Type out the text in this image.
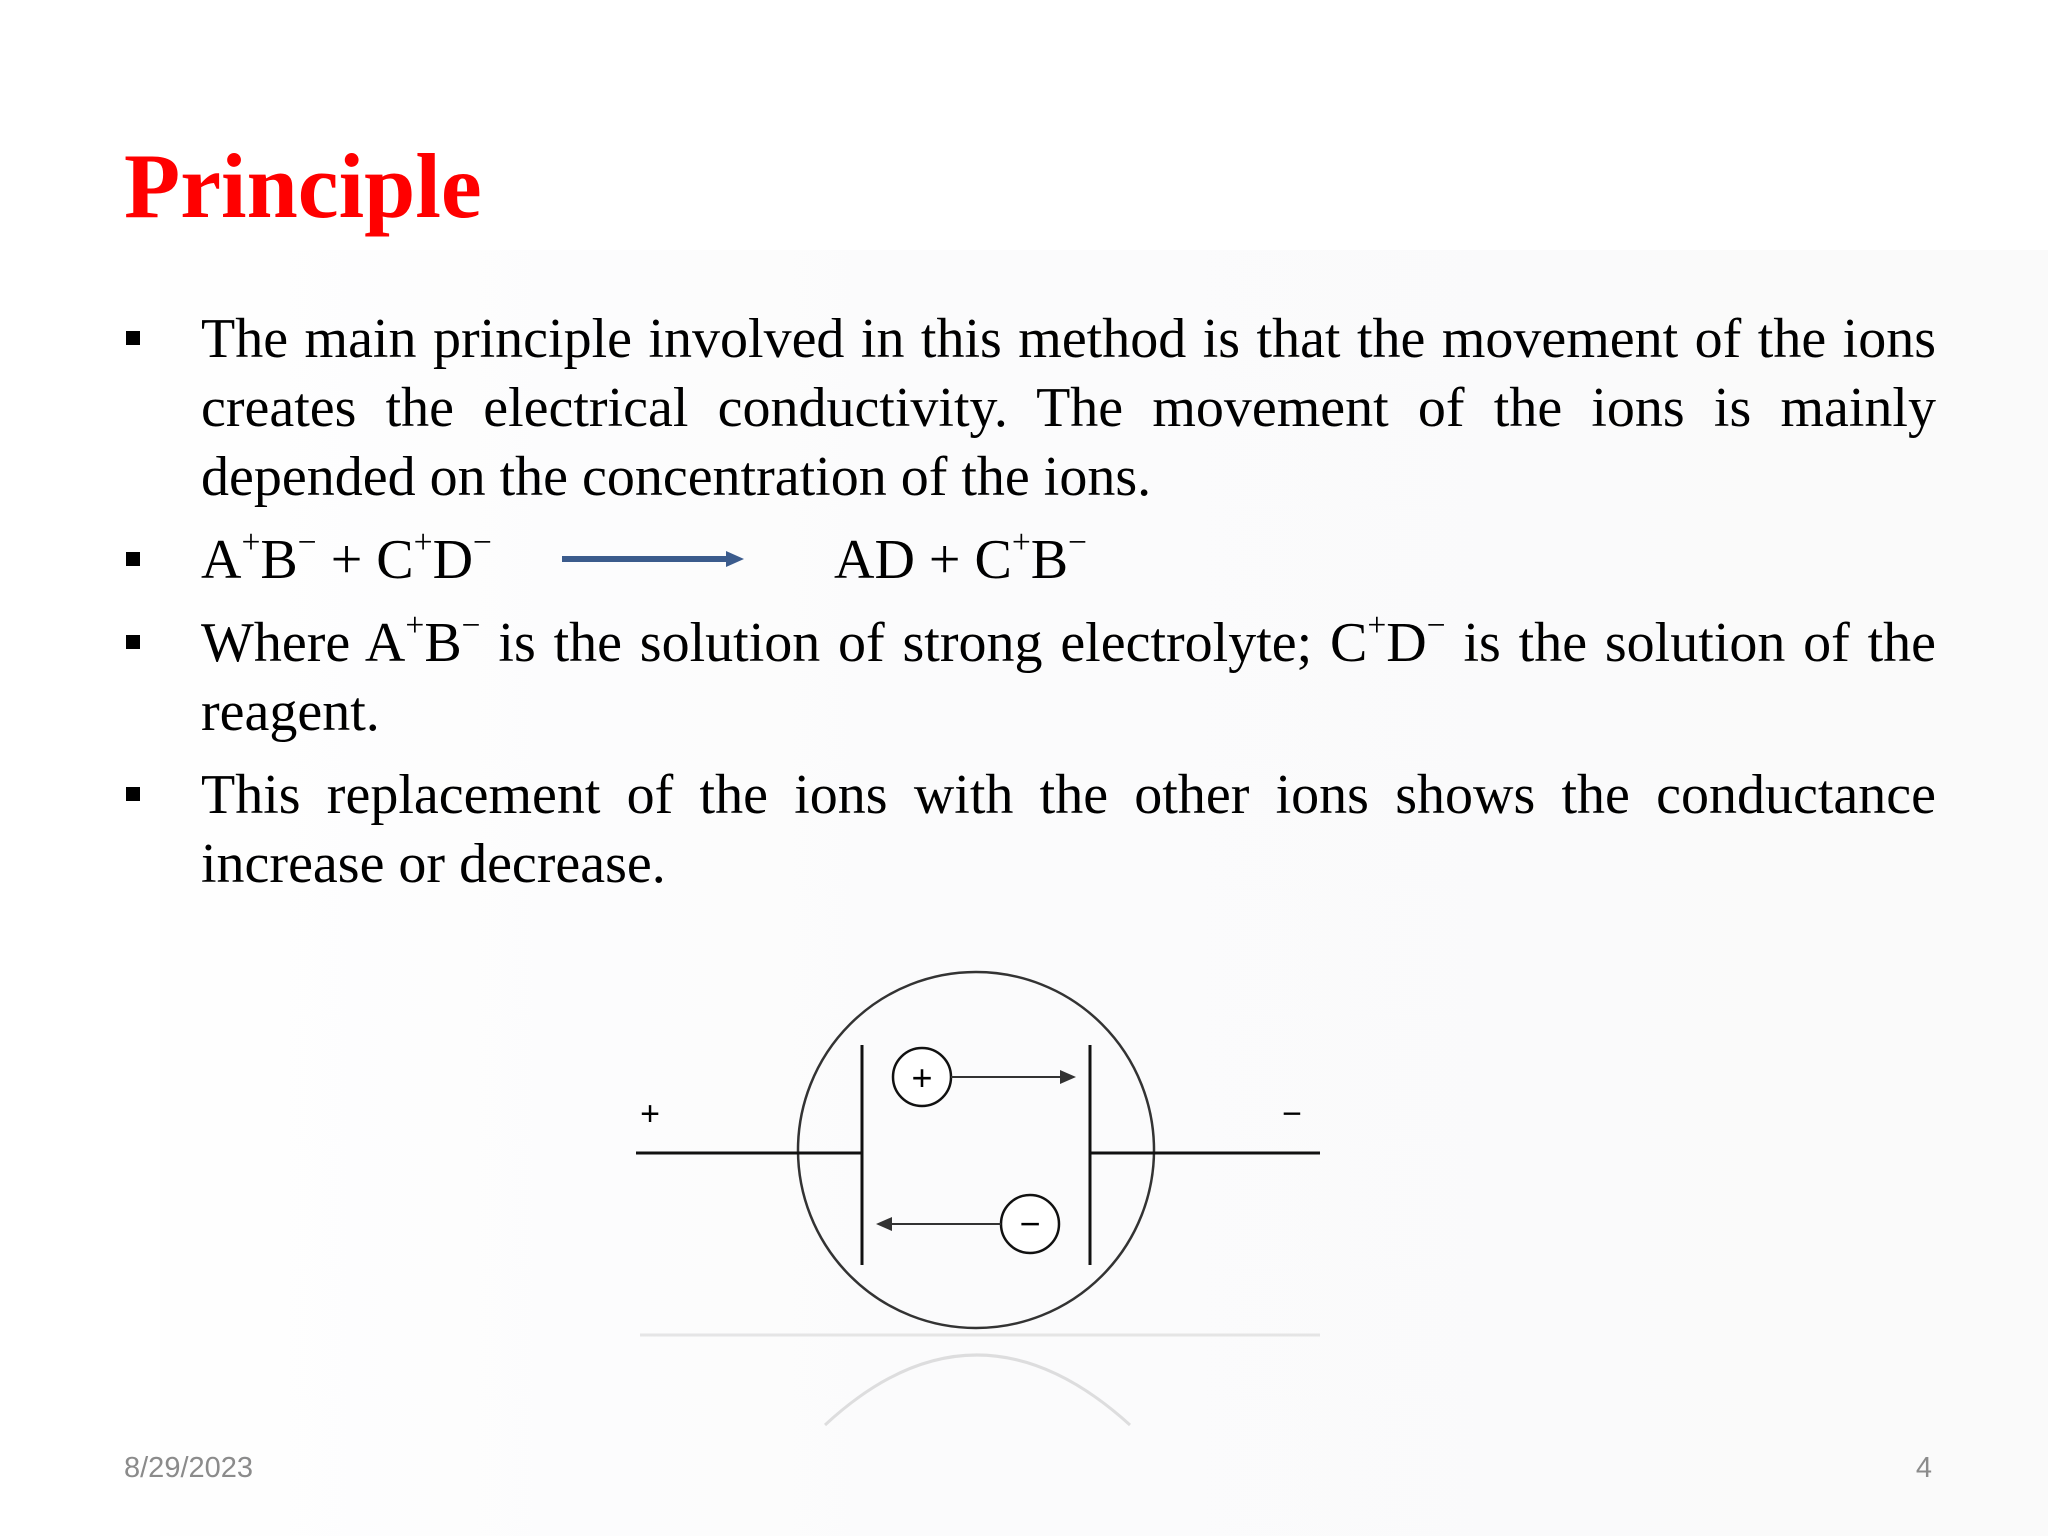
Principle
The main principle involved in this method is that the movement of the ions creates the electrical conductivity. The movement of the ions is mainly depended on the concentration of the ions.
A+B− + C+D− → AD + C+B−
Where A+B− is the solution of strong electrolyte; C+D− is the solution of the reagent.
This replacement of the ions with the other ions shows the conductance increase or decrease.
+	−
+
−
8/29/2023	4
